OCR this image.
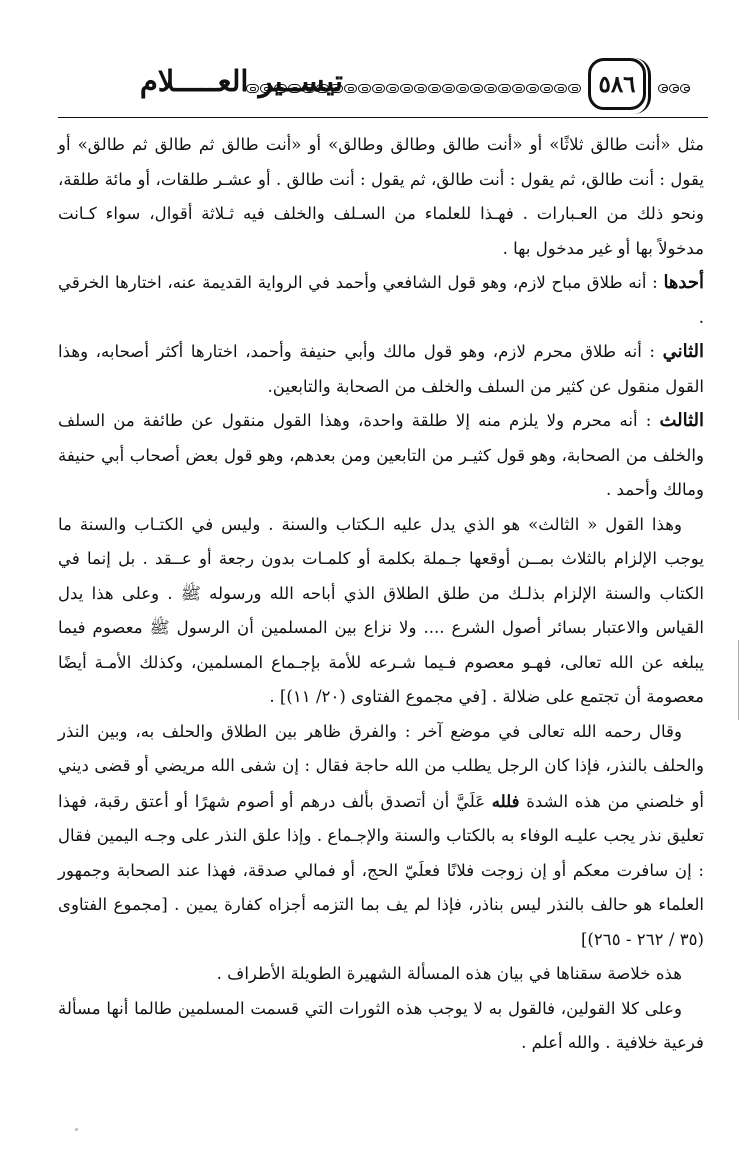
تيســير العـــــلام	٥٨٦

مثل «أنت طالق ثلاثًا» أو «أنت طالق وطالق وطالق» أو «أنت طالق ثم طالق ثم طالق» أو يقول : أنت طالق، ثم يقول : أنت طالق، ثم يقول : أنت طالق . أو عشـر طلقات، أو مائة طلقة، ونحو ذلك من العـبارات . فهـذا للعلماء من السـلف والخلف فيه ثـلاثة أقوال، سواء كـانت مدخولاً بها أو غير مدخول بها .

أحدها : أنه طلاق مباح لازم، وهو قول الشافعي وأحمد في الرواية القديمة عنه، اختارها الخرقي .

الثاني : أنه طلاق محرم لازم، وهو قول مالك وأبي حنيفة وأحمد، اختارها أكثر أصحابه، وهذا القول منقول عن كثير من السلف والخلف من الصحابة والتابعين.

الثالث : أنه محرم ولا يلزم منه إلا طلقة واحدة، وهذا القول منقول عن طائفة من السلف والخلف من الصحابة، وهو قول كثيـر من التابعين ومن بعدهم، وهو قول بعض أصحاب أبي حنيفة ومالك وأحمد .

وهذا القول « الثالث» هو الذي يدل عليه الـكتاب والسنة . وليس في الكتـاب والسنة ما يوجب الإلزام بالثلاث بمــن أوقعها جـملة بكلمة أو كلمـات بدون رجعة أو عــقد . بل إنما في الكتاب والسنة الإلزام بذلـك من طلق الطلاق الذي أباحه الله ورسوله ﷺ . وعلى هذا يدل القياس والاعتبار بسائر أصول الشرع .... ولا نزاع بين المسلمين أن الرسول ﷺ معصوم فيما يبلغه عن الله تعالى، فهـو معصوم فـيما شـرعه للأمة بإجـماع المسلمين، وكذلك الأمـة أيضًا معصومة أن تجتمع على ضلالة . [في مجموع الفتاوى (٢٠/ ١١)] .

وقال رحمه الله تعالى في موضع آخر : والفرق ظاهر بين الطلاق والحلف به، وبين النذر والحلف بالنذر، فإذا كان الرجل يطلب من الله حاجة فقال : إن شفى الله مريضي أو قضى ديني أو خلصني من هذه الشدة فلله عَلَيَّ أن أتصدق بألف درهم أو أصوم شهرًا أو أعتق رقبة، فهذا تعليق نذر يجب عليـه الوفاء به بالكتاب والسنة والإجـماع . وإذا علق النذر على وجـه اليمين فقال : إن سافرت معكم أو إن زوجت فلانًا فعلَيّ الحج، أو فمالي صدقة، فهذا عند الصحابة وجمهور العلماء هو حالف بالنذر ليس بناذر، فإذا لم يف بما التزمه أجزاه كفارة يمين . [مجموع الفتاوى (٣٥ / ٢٦٢ - ٢٦٥)]

هذه خلاصة سقناها في بيان هذه المسألة الشهيرة الطويلة الأطراف .

وعلى كلا القولين، فالقول به لا يوجب هذه الثورات التي قسمت المسلمين طالما أنها مسألة فرعية خلافية . والله أعلم .
